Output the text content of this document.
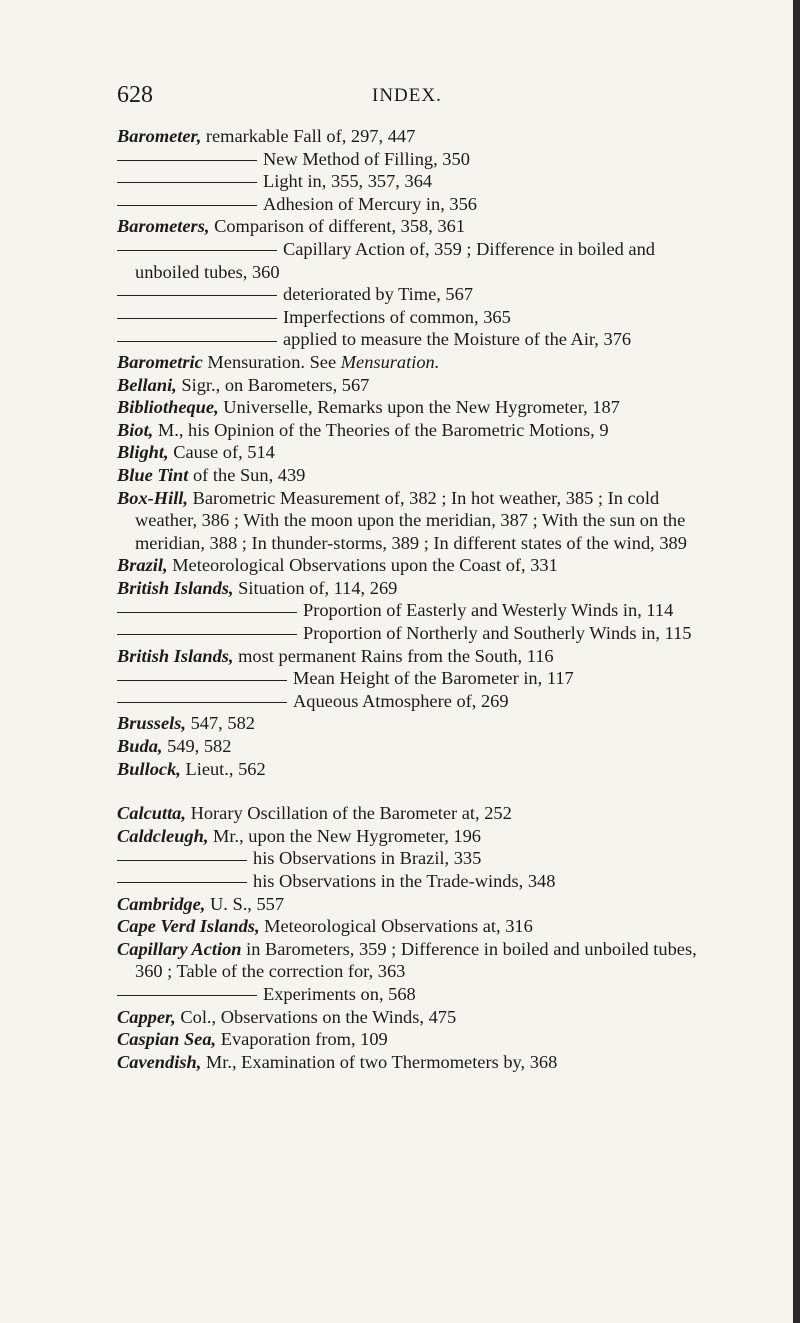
628	INDEX.
Barometer, remarkable Fall of, 297, 447
New Method of Filling, 350
Light in, 355, 357, 364
Adhesion of Mercury in, 356
Barometers, Comparison of different, 358, 361
Capillary Action of, 359 ; Difference in boiled and unboiled tubes, 360
deteriorated by Time, 567
Imperfections of common, 365
applied to measure the Moisture of the Air, 376
Barometric Mensuration. See Mensuration.
Bellani, Sigr., on Barometers, 567
Bibliotheque, Universelle, Remarks upon the New Hygrometer, 187
Biot, M., his Opinion of the Theories of the Barometric Motions, 9
Blight, Cause of, 514
Blue Tint of the Sun, 439
Box-Hill, Barometric Measurement of, 382 ; In hot weather, 385 ; In cold weather, 386 ; With the moon upon the meridian, 387 ; With the sun on the meridian, 388 ; In thunder-storms, 389 ; In different states of the wind, 389
Brazil, Meteorological Observations upon the Coast of, 331
British Islands, Situation of, 114, 269
Proportion of Easterly and Westerly Winds in, 114
Proportion of Northerly and Southerly Winds in, 115
British Islands, most permanent Rains from the South, 116
Mean Height of the Barometer in, 117
Aqueous Atmosphere of, 269
Brussels, 547, 582
Buda, 549, 582
Bullock, Lieut., 562
Calcutta, Horary Oscillation of the Barometer at, 252
Caldcleugh, Mr., upon the New Hygrometer, 196
his Observations in Brazil, 335
his Observations in the Trade-winds, 348
Cambridge, U. S., 557
Cape Verd Islands, Meteorological Observations at, 316
Capillary Action in Barometers, 359 ; Difference in boiled and unboiled tubes, 360 ; Table of the correction for, 363
Experiments on, 568
Capper, Col., Observations on the Winds, 475
Caspian Sea, Evaporation from, 109
Cavendish, Mr., Examination of two Thermometers by, 368
